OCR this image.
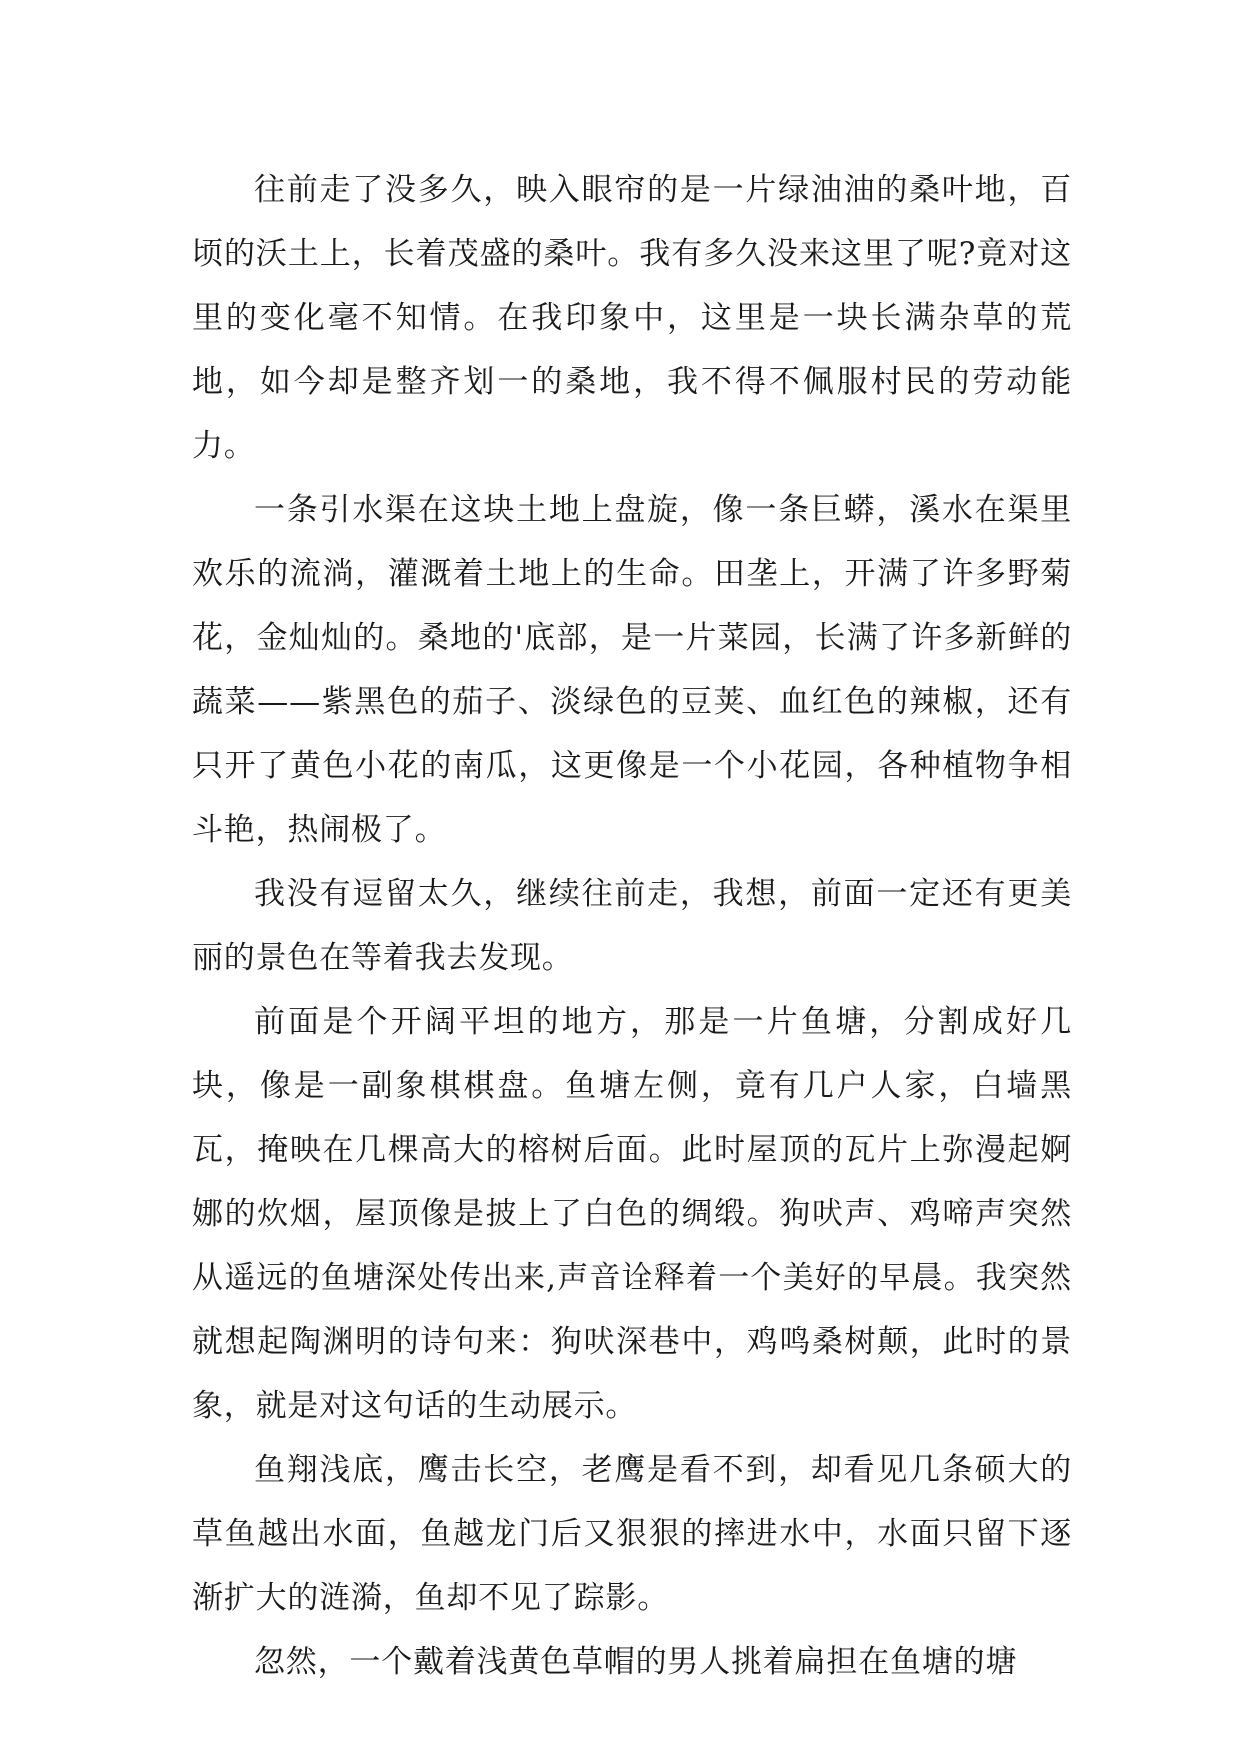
往前走了没多久，映入眼帘的是一片绿油油的桑叶地，百顷的沃土上，长着茂盛的桑叶。我有多久没来这里了呢?竟对这里的变化毫不知情。在我印象中，这里是一块长满杂草的荒地，如今却是整齐划一的桑地，我不得不佩服村民的劳动能力。

一条引水渠在这块土地上盘旋，像一条巨蟒，溪水在渠里欢乐的流淌，灌溉着土地上的生命。田垄上，开满了许多野菊花，金灿灿的。桑地的'底部，是一片菜园，长满了许多新鲜的蔬菜——紫黑色的茄子、淡绿色的豆荚、血红色的辣椒，还有只开了黄色小花的南瓜，这更像是一个小花园，各种植物争相斗艳，热闹极了。

我没有逗留太久，继续往前走，我想，前面一定还有更美丽的景色在等着我去发现。

前面是个开阔平坦的地方，那是一片鱼塘，分割成好几块，像是一副象棋棋盘。鱼塘左侧，竟有几户人家，白墙黑瓦，掩映在几棵高大的榕树后面。此时屋顶的瓦片上弥漫起婀娜的炊烟，屋顶像是披上了白色的绸缎。狗吠声、鸡啼声突然从遥远的鱼塘深处传出来,声音诠释着一个美好的早晨。我突然就想起陶渊明的诗句来：狗吠深巷中，鸡鸣桑树颠，此时的景象，就是对这句话的生动展示。

鱼翔浅底，鹰击长空，老鹰是看不到，却看见几条硕大的草鱼越出水面，鱼越龙门后又狠狠的摔进水中，水面只留下逐渐扩大的涟漪，鱼却不见了踪影。

忽然，一个戴着浅黄色草帽的男人挑着扁担在鱼塘的塘
